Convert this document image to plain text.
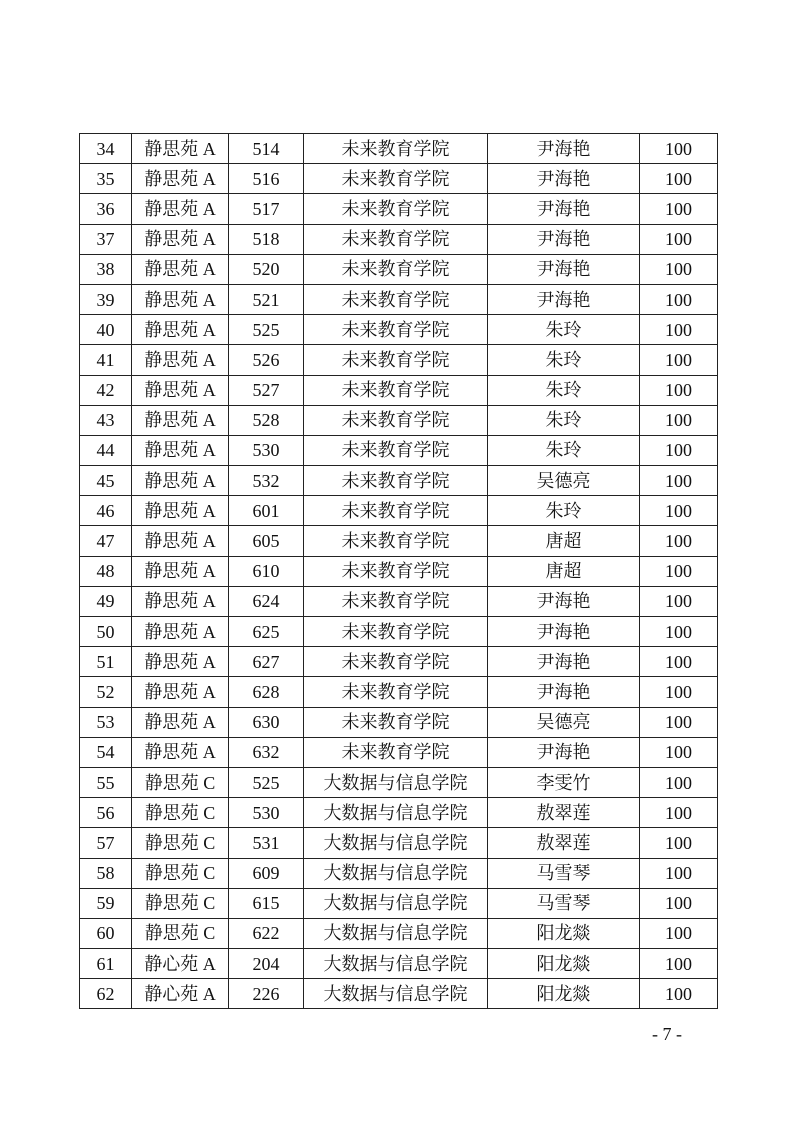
34	静思苑 A	514	未来教育学院	尹海艳	100
35	静思苑 A	516	未来教育学院	尹海艳	100
36	静思苑 A	517	未来教育学院	尹海艳	100
37	静思苑 A	518	未来教育学院	尹海艳	100
38	静思苑 A	520	未来教育学院	尹海艳	100
39	静思苑 A	521	未来教育学院	尹海艳	100
40	静思苑 A	525	未来教育学院	朱玲	100
41	静思苑 A	526	未来教育学院	朱玲	100
42	静思苑 A	527	未来教育学院	朱玲	100
43	静思苑 A	528	未来教育学院	朱玲	100
44	静思苑 A	530	未来教育学院	朱玲	100
45	静思苑 A	532	未来教育学院	吴德亮	100
46	静思苑 A	601	未来教育学院	朱玲	100
47	静思苑 A	605	未来教育学院	唐超	100
48	静思苑 A	610	未来教育学院	唐超	100
49	静思苑 A	624	未来教育学院	尹海艳	100
50	静思苑 A	625	未来教育学院	尹海艳	100
51	静思苑 A	627	未来教育学院	尹海艳	100
52	静思苑 A	628	未来教育学院	尹海艳	100
53	静思苑 A	630	未来教育学院	吴德亮	100
54	静思苑 A	632	未来教育学院	尹海艳	100
55	静思苑 C	525	大数据与信息学院	李雯竹	100
56	静思苑 C	530	大数据与信息学院	敖翠莲	100
57	静思苑 C	531	大数据与信息学院	敖翠莲	100
58	静思苑 C	609	大数据与信息学院	马雪琴	100
59	静思苑 C	615	大数据与信息学院	马雪琴	100
60	静思苑 C	622	大数据与信息学院	阳龙燚	100
61	静心苑 A	204	大数据与信息学院	阳龙燚	100
62	静心苑 A	226	大数据与信息学院	阳龙燚	100
- 7 -
